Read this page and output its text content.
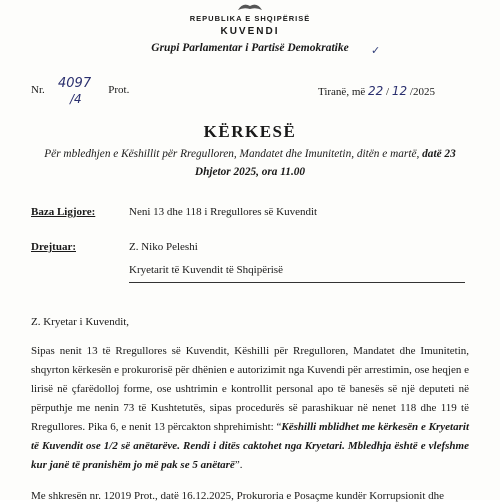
REPUBLIKA E SHQIPËRISË
KUVENDI
Grupi Parlamentar i Partisë Demokratike	✓
Nr.	Prot.
4097
/4	Tiranë, më 22 / 12 /2025
KËRKESË
Për mbledhjen e Këshillit për Rregulloren, Mandatet dhe Imunitetin, ditën e martë, datë 23 Dhjetor 2025, ora 11.00
Baza Ligjore:	Neni 13 dhe 118 i Rregullores së Kuvendit
Drejtuar:	Z. Niko Peleshi
Kryetarit të Kuvendit të Shqipërisë
Z. Kryetar i Kuvendit,
Sipas nenit 13 të Rregullores së Kuvendit, Këshilli për Rregulloren, Mandatet dhe Imunitetin, shqyrton kërkesën e prokurorisë për dhënien e autorizimit nga Kuvendi për arrestimin, ose heqjen e lirisë në çfarëdolloj forme, ose ushtrimin e kontrollit personal apo të banesës së një deputeti në përputhje me nenin 73 të Kushtetutës, sipas procedurës së parashikuar në nenet 118 dhe 119 të Rregullores. Pika 6, e nenit 13 përcakton shprehimisht: “Këshilli mblidhet me kërkesën e Kryetarit të Kuvendit ose 1/2 së anëtarëve. Rendi i ditës caktohet nga Kryetari. Mbledhja është e vlefshme kur janë të pranishëm jo më pak se 5 anëtarë”.
Me shkresën nr. 12019 Prot., datë 16.12.2025, Prokuroria e Posaçme kundër Korrupsionit dhe
